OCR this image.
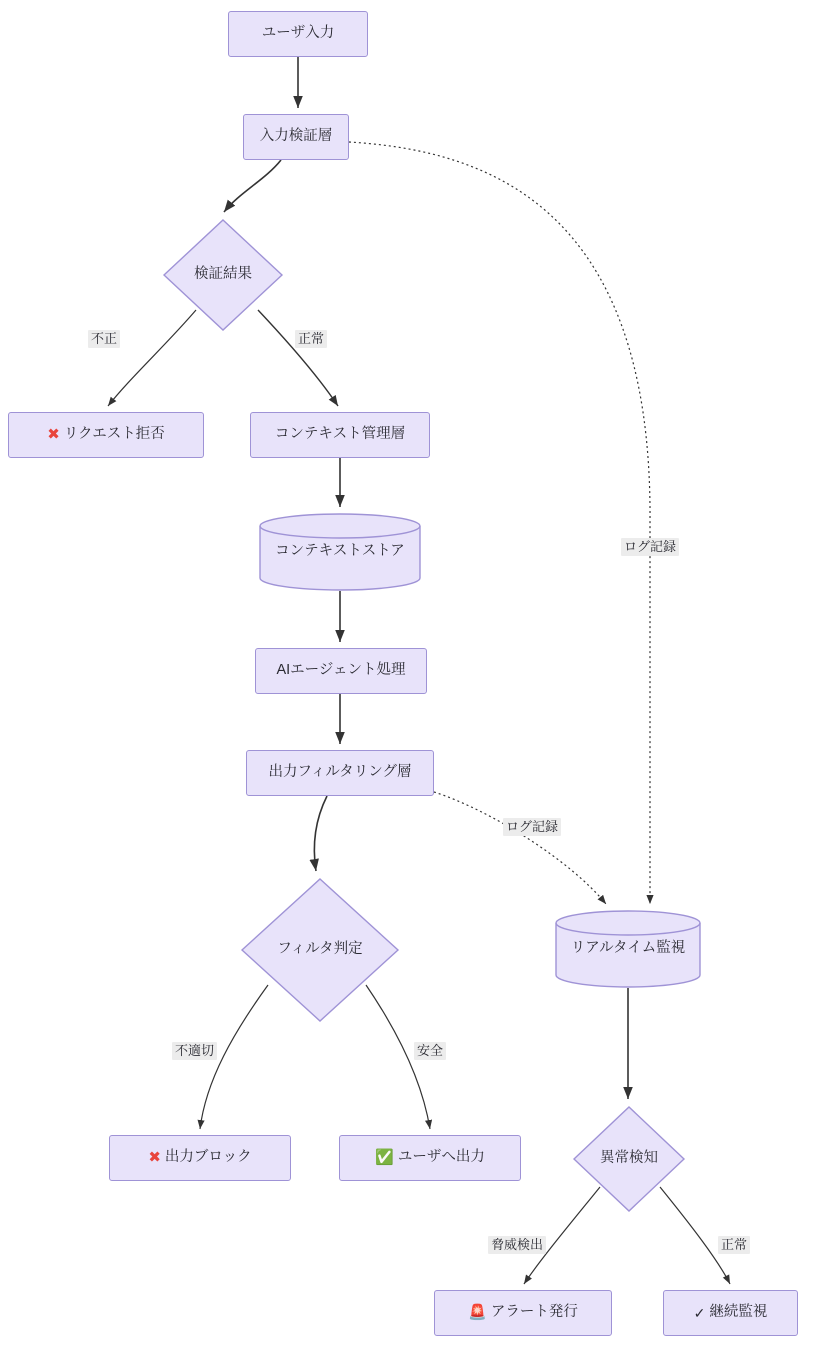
ユーザ入力
入力検証層
検証結果
✖ リクエスト拒否	コンテキスト管理層
コンテキストストア
AIエージェント処理
出力フィルタリング層
フィルタ判定
✖ 出力ブロック	✅ ユーザへ出力
リアルタイム監視
異常検知
🚨 アラート発行	✓ 継続監視
不正	正常
ログ記録
ログ記録
不適切	安全
脅威検出	正常
